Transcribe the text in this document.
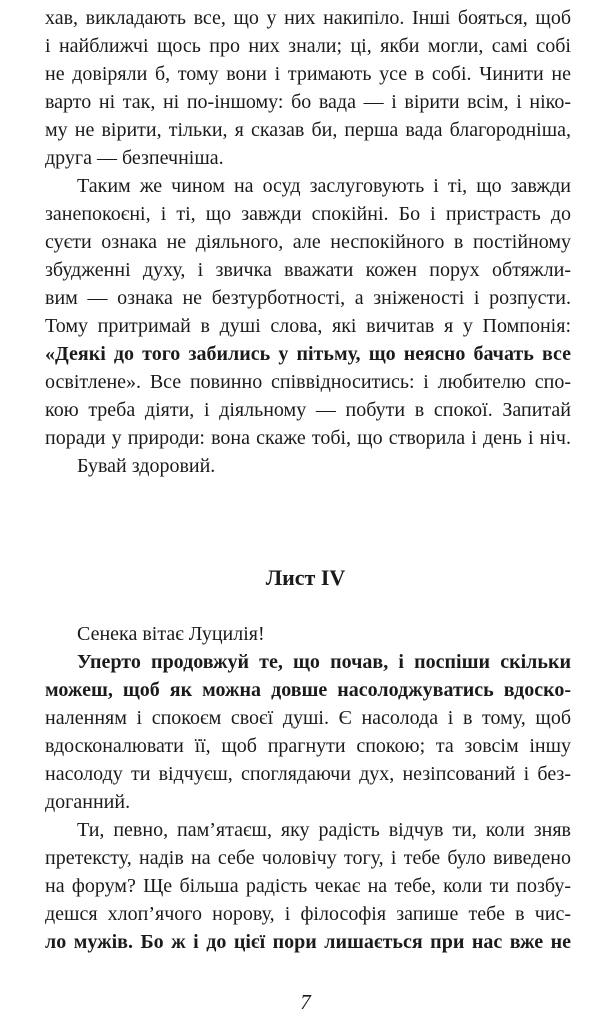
хав, викладають все, що у них накипіло. Інші бояться, щоб
і найближчі щось про них знали; ці, якби могли, самі собі
не довіряли б, тому вони і тримають усе в собі. Чинити не
варто ні так, ні по-іншому: бо вада — і вірити всім, і ніко-
му не вірити, тільки, я сказав би, перша вада благородніша,
друга — безпечніша.
Таким же чином на осуд заслуговують і ті, що завжди
занепокоєні, і ті, що завжди спокійні. Бо і пристрасть до
суєти ознака не діяльного, але неспокійного в постійному
збудженні духу, і звичка вважати кожен порух обтяжли-
вим — ознака не безтурботності, а зніженості і розпусти.
Тому притримай в душі слова, які вичитав я у Помпонія:
«Деякі до того забились у пітьму, що неясно бачать все
освітлене». Все повинно співвідноситись: і любителю спо-
кою треба діяти, і діяльному — побути в спокої. Запитай
поради у природи: вона скаже тобі, що створила і день і ніч.
Бувай здоровий.
Лист IV
Сенека вітає Луцилія!
Уперто продовжуй те, що почав, і поспіши скільки
можеш, щоб як можна довше насолоджуватись вдоско-
наленням і спокоєм своєї душі. Є насолода і в тому, щоб
вдосконалювати її, щоб прагнути спокою; та зовсім іншу
насолоду ти відчуєш, споглядаючи дух, незіпсований і без-
доганний.
Ти, певно, пам’ятаєш, яку радість відчув ти, коли зняв
претексту, надів на себе чоловічу тогу, і тебе було виведено
на форум? Ще більша радість чекає на тебе, коли ти позбу-
дешся хлоп’ячого норову, і філософія запише тебе в чис-
ло мужів. Бо ж і до цієї пори лишається при нас вже не
7
